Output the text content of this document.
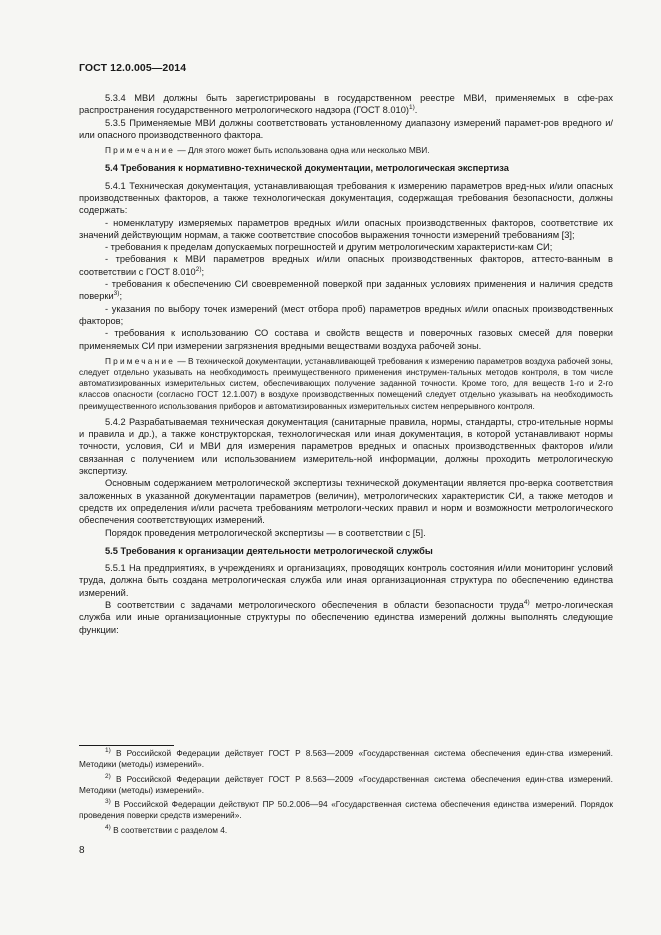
ГОСТ 12.0.005—2014

5.3.4 МВИ должны быть зарегистрированы в государственном реестре МВИ, применяемых в сфе-рах распространения государственного метрологического надзора (ГОСТ 8.010)$^{1)}$.

5.3.5 Применяемые МВИ должны соответствовать установленному диапазону измерений парамет-ров вредного и/или опасного производственного фактора.

Примечание — Для этого может быть использована одна или несколько МВИ.

5.4 Требования к нормативно-технической документации, метрологическая экспертиза

5.4.1 Техническая документация, устанавливающая требования к измерению параметров вред-ных и/или опасных производственных факторов, а также технологическая документация, содержащая требования безопасности, должны содержать:

- номенклатуру измеряемых параметров вредных и/или опасных производственных факторов, соответствие их значений действующим нормам, а также соответствие способов выражения точности измерений требованиям [3];

- требования к пределам допускаемых погрешностей и другим метрологическим характеристи-кам СИ;

- требования к МВИ параметров вредных и/или опасных производственных факторов, аттесто-ванным в соответствии с ГОСТ 8.010$^{2)}$;

- требования к обеспечению СИ своевременной поверкой при заданных условиях применения и наличия средств поверки$^{3)}$;

- указания по выбору точек измерений (мест отбора проб) параметров вредных и/или опасных производственных факторов;

- требования к использованию СО состава и свойств веществ и поверочных газовых смесей для поверки применяемых СИ при измерении загрязнения вредными веществами воздуха рабочей зоны.

Примечание — В технической документации, устанавливающей требования к измерению параметров воздуха рабочей зоны, следует отдельно указывать на необходимость преимущественного применения инструмен-тальных методов контроля, в том числе автоматизированных измерительных систем, обеспечивающих получение заданной точности. Кроме того, для веществ 1-го и 2-го классов опасности (согласно ГОСТ 12.1.007) в воздухе производственных помещений следует отдельно указывать на необходимость преимущественного использования приборов и автоматизированных измерительных систем непрерывного контроля.

5.4.2 Разрабатываемая техническая документация (санитарные правила, нормы, стандарты, стро-ительные нормы и правила и др.), а также конструкторская, технологическая или иная документация, в которой устанавливают нормы точности, условия, СИ и МВИ для измерения параметров вредных и опасных производственных факторов и/или связанная с получением или использованием измеритель-ной информации, должны проходить метрологическую экспертизу.

Основным содержанием метрологической экспертизы технической документации является про-верка соответствия заложенных в указанной документации параметров (величин), метрологических характеристик СИ, а также методов и средств их определения и/или расчета требованиям метрологи-ческих правил и норм и возможности метрологического обеспечения соответствующих измерений.

Порядок проведения метрологической экспертизы — в соответствии с [5].

5.5 Требования к организации деятельности метрологической службы

5.5.1 На предприятиях, в учреждениях и организациях, проводящих контроль состояния и/или мониторинг условий труда, должна быть создана метрологическая служба или иная организационная структура по обеспечению единства измерений.

В соответствии с задачами метрологического обеспечения в области безопасности труда$^{4)}$ метро-логическая служба или иные организационные структуры по обеспечению единства измерений должны выполнять следующие функции:

$^{1)}$ В Российской Федерации действует ГОСТ Р 8.563—2009 «Государственная система обеспечения един-ства измерений. Методики (методы) измерений».

$^{2)}$ В Российской Федерации действует ГОСТ Р 8.563—2009 «Государственная система обеспечения един-ства измерений. Методики (методы) измерений».

$^{3)}$ В Российской Федерации действуют ПР 50.2.006—94 «Государственная система обеспечения единства измерений. Порядок проведения поверки средств измерений».

$^{4)}$ В соответствии с разделом 4.

8
